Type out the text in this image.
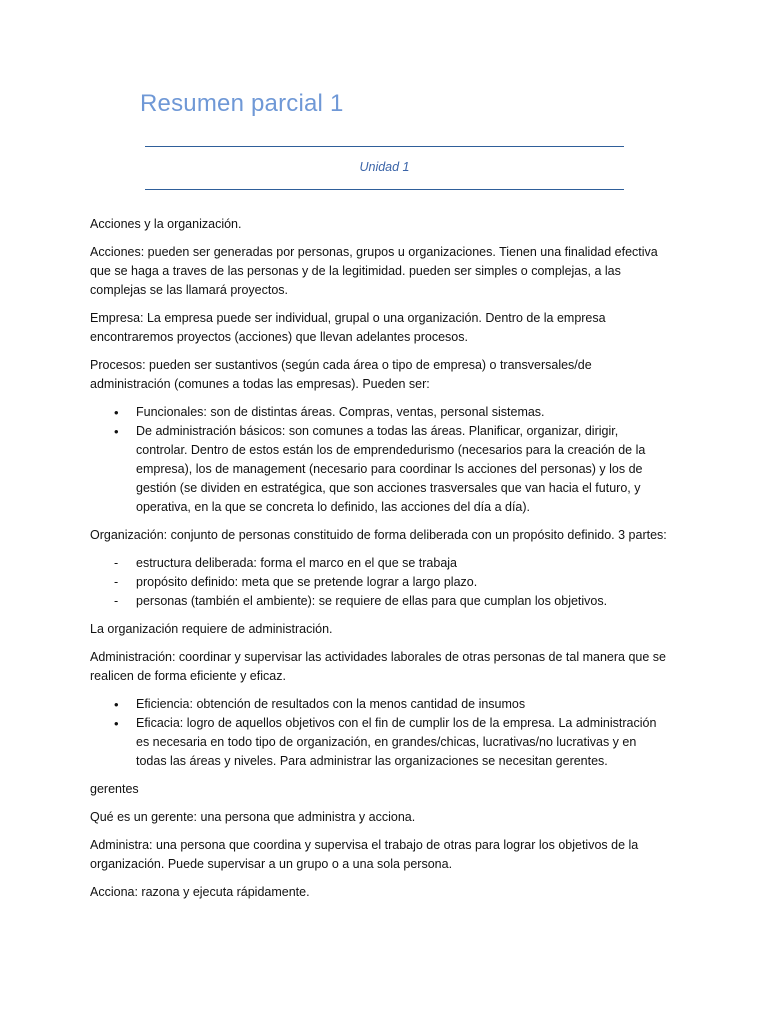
Resumen parcial 1
Unidad 1

Acciones y la organización.

Acciones: pueden ser generadas por personas, grupos u organizaciones. Tienen una finalidad efectiva que se haga a traves de las personas y de la legitimidad. pueden ser simples o complejas, a las complejas se las llamará proyectos.

Empresa: La empresa puede ser individual, grupal o una organización. Dentro de la empresa encontraremos proyectos (acciones) que llevan adelantes procesos.

Procesos: pueden ser sustantivos (según cada área o tipo de empresa) o transversales/de administración (comunes a todas las empresas). Pueden ser:

•	Funcionales: son de distintas áreas. Compras, ventas, personal sistemas.
•	De administración básicos: son comunes a todas las áreas. Planificar, organizar, dirigir, controlar. Dentro de estos están los de emprendedurismo (necesarios para la creación de la empresa), los de management (necesario para coordinar ls acciones del personas) y los de gestión (se dividen en estratégica, que son acciones trasversales que van hacia el futuro, y operativa, en la que se concreta lo definido, las acciones del día a día).

Organización: conjunto de personas constituido de forma deliberada con un propósito definido. 3 partes:

-	estructura deliberada: forma el marco en el que se trabaja
-	propósito definido: meta que se pretende lograr a largo plazo.
-	personas (también el ambiente): se requiere de ellas para que cumplan los objetivos.

La organización requiere de administración.

Administración: coordinar y supervisar las actividades laborales de otras personas de tal manera que se realicen de forma eficiente y eficaz.

•	Eficiencia: obtención de resultados con la menos cantidad de insumos
•	Eficacia: logro de aquellos objetivos con el fin de cumplir los de la empresa. La administración es necesaria en todo tipo de organización, en grandes/chicas, lucrativas/no lucrativas y en todas las áreas y niveles. Para administrar las organizaciones se necesitan gerentes.

gerentes

Qué es un gerente: una persona que administra y acciona.

Administra: una persona que coordina y supervisa el trabajo de otras para lograr los objetivos de la organización. Puede supervisar a un grupo o a una sola persona.

Acciona: razona y ejecuta rápidamente.
